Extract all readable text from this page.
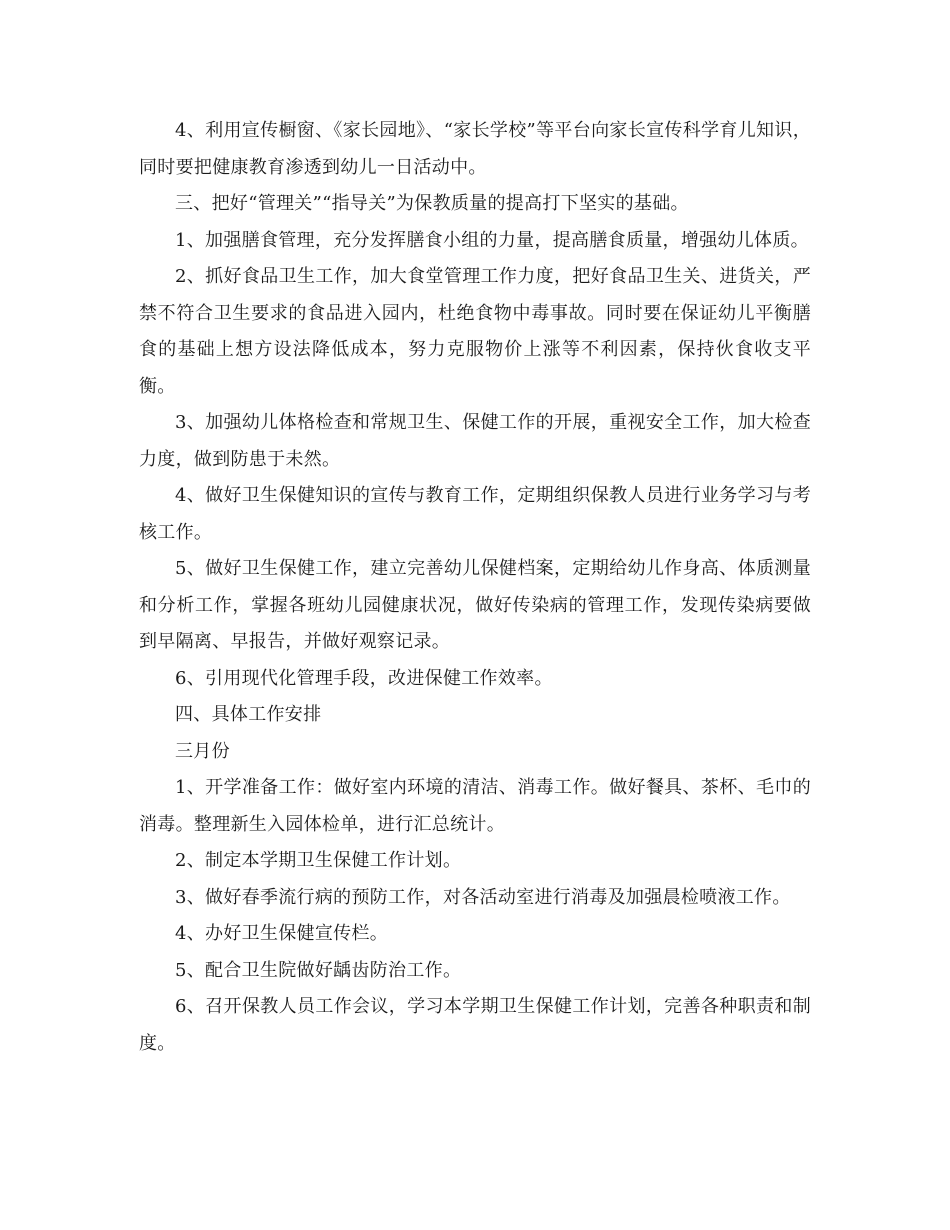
4、利用宣传橱窗、《家长园地》、“家长学校”等平台向家长宣传科学育儿知识，同时要把健康教育渗透到幼儿一日活动中。

三、把好“管理关”“指导关”为保教质量的提高打下坚实的基础。

1、加强膳食管理，充分发挥膳食小组的力量，提高膳食质量，增强幼儿体质。

2、抓好食品卫生工作，加大食堂管理工作力度，把好食品卫生关、进货关，严禁不符合卫生要求的食品进入园内，杜绝食物中毒事故。同时要在保证幼儿平衡膳食的基础上想方设法降低成本，努力克服物价上涨等不利因素，保持伙食收支平衡。

3、加强幼儿体格检查和常规卫生、保健工作的开展，重视安全工作，加大检查力度，做到防患于未然。

4、做好卫生保健知识的宣传与教育工作，定期组织保教人员进行业务学习与考核工作。

5、做好卫生保健工作，建立完善幼儿保健档案，定期给幼儿作身高、体质测量和分析工作，掌握各班幼儿园健康状况，做好传染病的管理工作，发现传染病要做到早隔离、早报告，并做好观察记录。

6、引用现代化管理手段，改进保健工作效率。

四、具体工作安排

三月份

1、开学准备工作：做好室内环境的清洁、消毒工作。做好餐具、茶杯、毛巾的消毒。整理新生入园体检单，进行汇总统计。

2、制定本学期卫生保健工作计划。

3、做好春季流行病的预防工作，对各活动室进行消毒及加强晨检喷液工作。

4、办好卫生保健宣传栏。

5、配合卫生院做好龋齿防治工作。

6、召开保教人员工作会议，学习本学期卫生保健工作计划，完善各种职责和制度。
